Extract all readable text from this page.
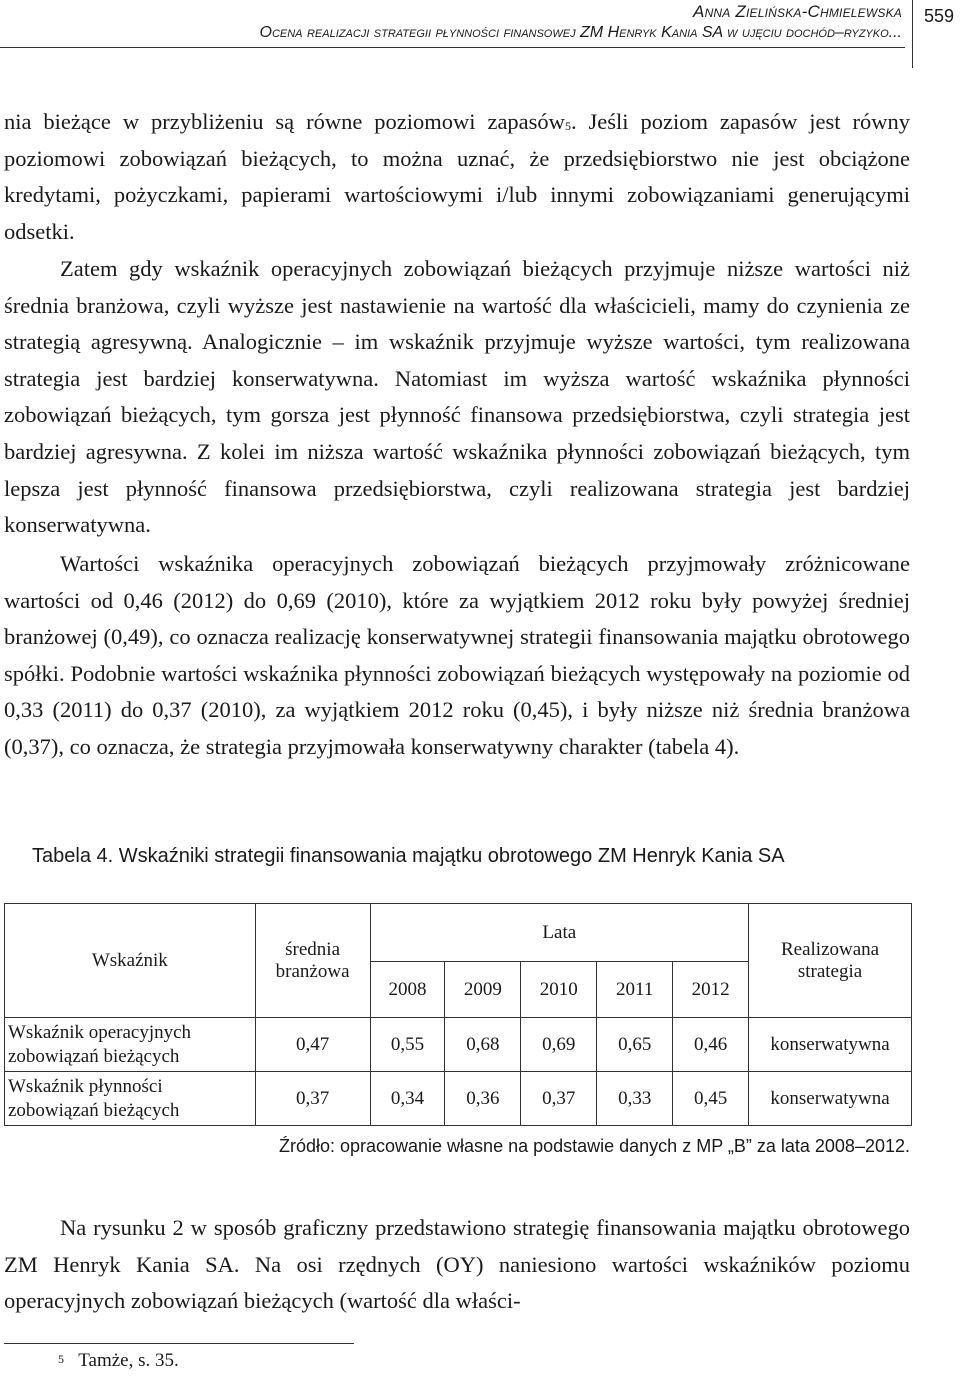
Anna Zielińska-Chmielewska
Ocena realizacji strategii płynności finansowej ZM Henryk Kania SA w ujęciu dochód–ryzyko...
559

nia bieżące w przybliżeniu są równe poziomowi zapasów$^5$. Jeśli poziom zapasów jest równy poziomowi zobowiązań bieżących, to można uznać, że przedsiębiorstwo nie jest obciążone kredytami, pożyczkami, papierami wartościowymi i/lub innymi zobowiązaniami generującymi odsetki.

Zatem gdy wskaźnik operacyjnych zobowiązań bieżących przyjmuje niższe wartości niż średnia branżowa, czyli wyższe jest nastawienie na wartość dla właścicieli, mamy do czynienia ze strategią agresywną. Analogicznie – im wskaźnik przyjmuje wyższe wartości, tym realizowana strategia jest bardziej konserwatywna. Natomiast im wyższa wartość wskaźnika płynności zobowiązań bieżących, tym gorsza jest płynność finansowa przedsiębiorstwa, czyli strategia jest bardziej agresywna. Z kolei im niższa wartość wskaźnika płynności zobowiązań bieżących, tym lepsza jest płynność finansowa przedsiębiorstwa, czyli realizowana strategia jest bardziej konserwatywna.

Wartości wskaźnika operacyjnych zobowiązań bieżących przyjmowały zróżnicowane wartości od 0,46 (2012) do 0,69 (2010), które za wyjątkiem 2012 roku były powyżej średniej branżowej (0,49), co oznacza realizację konserwatywnej strategii finansowania majątku obrotowego spółki. Podobnie wartości wskaźnika płynności zobowiązań bieżących występowały na poziomie od 0,33 (2011) do 0,37 (2010), za wyjątkiem 2012 roku (0,45), i były niższe niż średnia branżowa (0,37), co oznacza, że strategia przyjmowała konserwatywny charakter (tabela 4).

Tabela 4. Wskaźniki strategii finansowania majątku obrotowego ZM Henryk Kania SA
Wskaźnik	średnia branżowa	Lata					Realizowana strategia
		2008	2009	2010	2011	2012	
Wskaźnik operacyjnych zobowiązań bieżących	0,47	0,55	0,68	0,69	0,65	0,46	konserwatywna
Wskaźnik płynności zobowiązań bieżących	0,37	0,34	0,36	0,37	0,33	0,45	konserwatywna
Źródło: opracowanie własne na podstawie danych z MP „B” za lata 2008–2012.

Na rysunku 2 w sposób graficzny przedstawiono strategię finansowania majątku obrotowego ZM Henryk Kania SA. Na osi rzędnych (OY) naniesiono wartości wskaźników poziomu operacyjnych zobowiązań bieżących (wartość dla właści-

$^5$ Tamże, s. 35.
